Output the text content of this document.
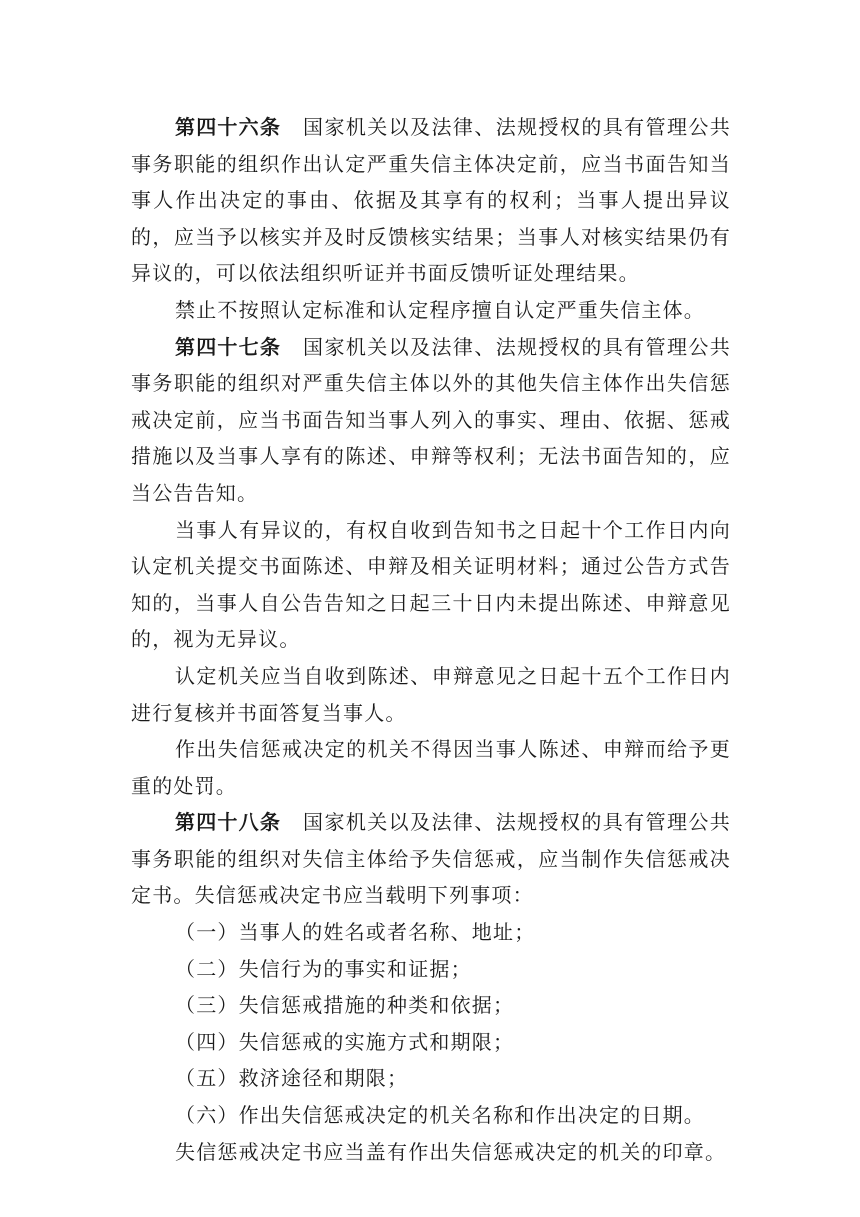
第四十六条 国家机关以及法律、法规授权的具有管理公共事务职能的组织作出认定严重失信主体决定前，应当书面告知当事人作出决定的事由、依据及其享有的权利；当事人提出异议的，应当予以核实并及时反馈核实结果；当事人对核实结果仍有异议的，可以依法组织听证并书面反馈听证处理结果。

禁止不按照认定标准和认定程序擅自认定严重失信主体。

第四十七条 国家机关以及法律、法规授权的具有管理公共事务职能的组织对严重失信主体以外的其他失信主体作出失信惩戒决定前，应当书面告知当事人列入的事实、理由、依据、惩戒措施以及当事人享有的陈述、申辩等权利；无法书面告知的，应当公告告知。

当事人有异议的，有权自收到告知书之日起十个工作日内向认定机关提交书面陈述、申辩及相关证明材料；通过公告方式告知的，当事人自公告告知之日起三十日内未提出陈述、申辩意见的，视为无异议。

认定机关应当自收到陈述、申辩意见之日起十五个工作日内进行复核并书面答复当事人。

作出失信惩戒决定的机关不得因当事人陈述、申辩而给予更重的处罚。

第四十八条 国家机关以及法律、法规授权的具有管理公共事务职能的组织对失信主体给予失信惩戒，应当制作失信惩戒决定书。失信惩戒决定书应当载明下列事项：

（一）当事人的姓名或者名称、地址；

（二）失信行为的事实和证据；

（三）失信惩戒措施的种类和依据；

（四）失信惩戒的实施方式和期限；

（五）救济途径和期限；

（六）作出失信惩戒决定的机关名称和作出决定的日期。

失信惩戒决定书应当盖有作出失信惩戒决定的机关的印章。
